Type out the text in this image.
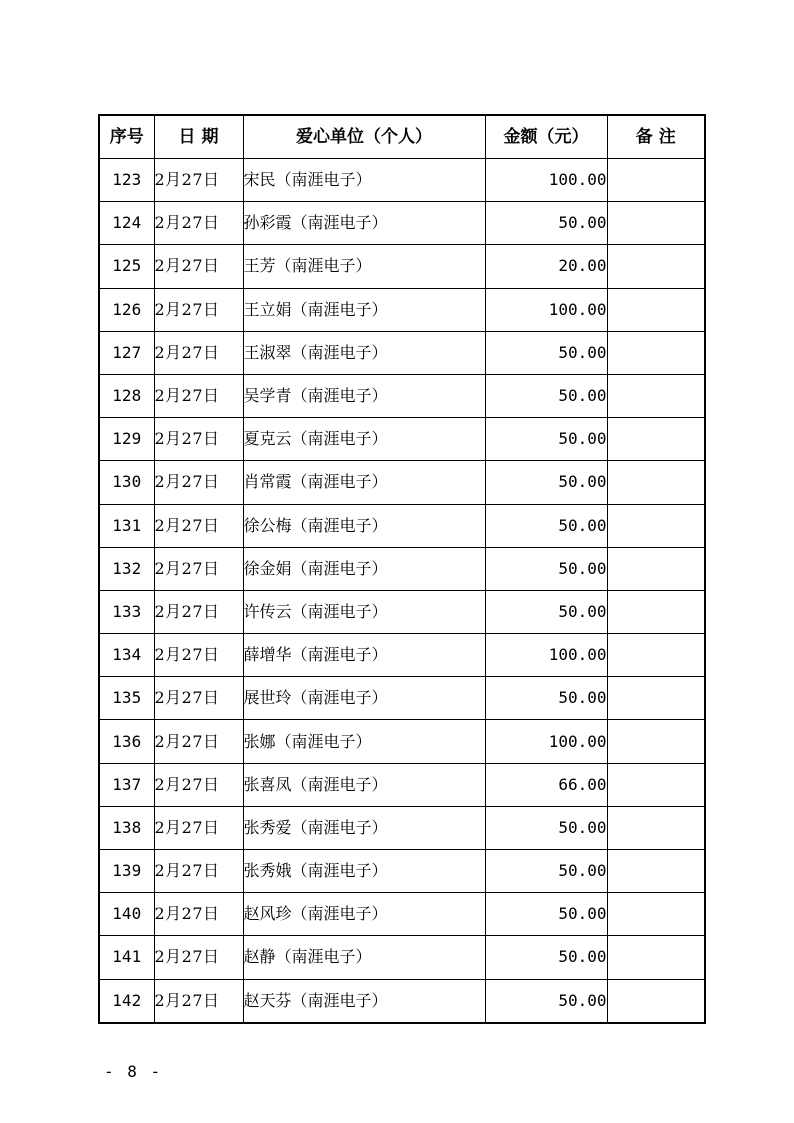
序号	日 期	爱心单位（个人）	金额（元）	备 注
123	2月27日	宋民（南涯电子）	100.00	
124	2月27日	孙彩霞（南涯电子）	50.00	
125	2月27日	王芳（南涯电子）	20.00	
126	2月27日	王立娟（南涯电子）	100.00	
127	2月27日	王淑翠（南涯电子）	50.00	
128	2月27日	吴学青（南涯电子）	50.00	
129	2月27日	夏克云（南涯电子）	50.00	
130	2月27日	肖常霞（南涯电子）	50.00	
131	2月27日	徐公梅（南涯电子）	50.00	
132	2月27日	徐金娟（南涯电子）	50.00	
133	2月27日	许传云（南涯电子）	50.00	
134	2月27日	薛增华（南涯电子）	100.00	
135	2月27日	展世玲（南涯电子）	50.00	
136	2月27日	张娜（南涯电子）	100.00	
137	2月27日	张喜凤（南涯电子）	66.00	
138	2月27日	张秀爱（南涯电子）	50.00	
139	2月27日	张秀娥（南涯电子）	50.00	
140	2月27日	赵风珍（南涯电子）	50.00	
141	2月27日	赵静（南涯电子）	50.00	
142	2月27日	赵天芬（南涯电子）	50.00	
- 8 -
